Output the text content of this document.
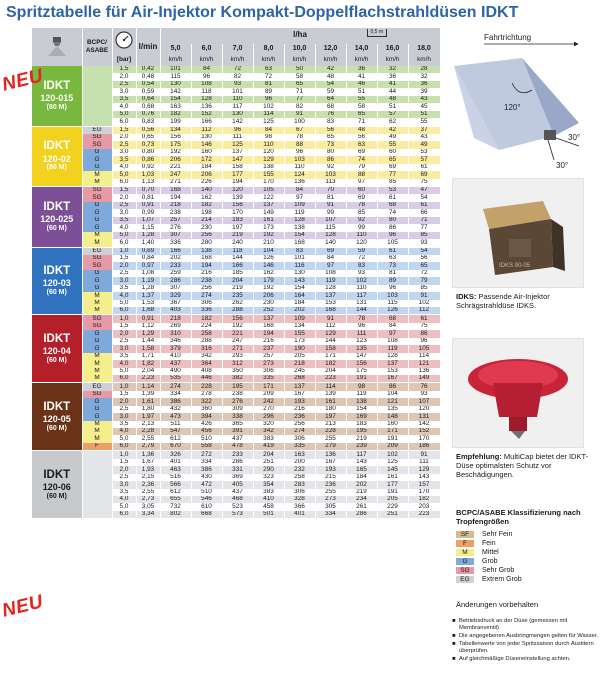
Spritztabelle für Air-Injektor Kompakt-Doppelflachstrahldüsen IDKT
	BCPC/ ASABE		l/min	l/ha 0,5 m								

				5,0	6,0	7,0	8,0	10,0	12,0	14,0	16,0	18,0
		[bar]		km/h	km/h	km/h	km/h	km/h	km/h	km/h	km/h	km/h

IDKT
120-015
(80 M)		1,5	0,42	101	84	72	63	50	42	36	32	28
		2,0	0,48	115	96	82	72	58	48	41	36	32
		2,5	0,54	130	108	93	81	65	54	46	41	36
		3,0	0,59	142	118	101	89	71	59	51	44	39
		3,5	0,64	154	128	110	96	77	64	55	48	43
		4,0	0,68	163	136	117	102	82	68	58	51	45
		5,0	0,76	182	152	130	114	91	76	65	57	51
		6,0	0,83	199	166	142	125	100	83	71	62	55

IDKT
120-02
(80 M)	EG	1,5	0,56	134	112	96	84	67	56	48	42	37
	SG	2,0	0,65	156	130	111	98	78	65	56	49	43
	SG	2,5	0,73	175	146	125	110	88	73	63	55	49
	G	3,0	0,80	192	160	137	120	96	80	69	60	53
	G	3,5	0,86	206	172	147	129	103	86	74	65	57
	G	4,0	0,92	221	184	158	138	110	92	79	69	61
	M	5,0	1,03	247	206	177	155	124	103	88	77	69
	M	6,0	1,13	271	226	194	170	136	113	97	85	75

IDKT
120-025
(60 M)	SG	1,5	0,70	168	140	120	105	84	70	60	53	47
	SG	2,0	0,81	194	162	139	122	97	81	69	61	54
	G	2,5	0,91	218	182	156	137	109	91	78	68	61
	G	3,0	0,99	238	198	170	149	119	99	85	74	66
	G	3,5	1,07	257	214	183	161	128	107	92	80	71
	G	4,0	1,15	276	230	197	173	138	115	99	86	77
	M	5,0	1,28	307	256	219	192	154	128	110	96	85
	M	6,0	1,40	336	280	240	210	168	140	120	105	93

IDKT
120-03
(60 M)	EG	1,0	0,69	166	138	118	104	83	69	59	61	54
	SG	1,5	0,84	202	168	144	126	101	84	72	63	56
	SG	2,0	0,97	233	194	166	146	116	97	83	73	65
	G	2,5	1,08	259	216	185	162	130	108	93	81	72
	G	3,0	1,19	286	238	204	179	143	119	102	89	79
	G	3,5	1,28	307	256	219	192	154	128	110	96	85
	M	4,0	1,37	329	274	235	206	164	137	117	103	91
	M	5,0	1,53	367	306	262	230	184	153	131	115	102
	M	6,0	1,68	403	336	288	252	202	168	144	126	112

IDKT
120-04
(60 M)	SG	1,0	0,91	218	182	156	137	109	91	78	68	61
	SG	1,5	1,12	269	224	192	168	134	112	96	84	75
	G	2,0	1,29	310	258	221	194	155	129	111	97	86
	G	2,5	1,44	346	288	247	216	173	144	123	108	96
	G	3,0	1,58	379	316	271	237	190	158	135	119	105
	M	3,5	1,71	410	342	293	257	205	171	147	128	114
	M	4,0	1,82	437	364	312	273	218	182	156	137	121
	M	5,0	2,04	490	408	350	306	245	204	175	153	136
	M	6,0	2,23	535	446	382	335	268	223	191	167	149

IDKT
120-05
(60 M)	EG	1,0	1,14	274	228	195	171	137	114	98	86	76
	SG	1,5	1,39	334	278	238	209	167	139	119	104	93
	G	2,0	1,61	386	322	276	242	193	161	138	121	107
	G	2,5	1,80	432	360	309	270	216	180	154	135	120
	G	3,0	1,97	473	394	338	296	236	197	169	148	131
	M	3,5	2,13	511	426	365	320	256	213	183	160	142
	M	4,0	2,28	547	456	391	342	274	228	195	171	152
	M	5,0	2,55	612	510	437	383	306	255	219	191	170
	F	6,0	2,79	670	558	478	419	335	279	239	209	186

IDKT
120-06
(60 M)		1,0	1,36	326	272	233	204	163	136	117	102	91
		1,5	1,67	401	334	286	251	200	167	143	125	111
		2,0	1,93	463	386	331	290	232	193	165	145	129
		2,5	2,15	516	430	369	323	258	215	184	161	143
		3,0	2,36	566	472	405	354	283	236	202	177	157
		3,5	2,55	612	510	437	383	306	255	219	191	170
		4,0	2,73	655	546	468	410	328	273	234	205	182
		5,0	3,05	732	610	523	458	366	305	261	229	203
		6,0	3,34	802	668	573	501	401	334	286	251	223
NEU
NEU
Fahrtrichtung
120°
30°
30°
IDKS 90-05
IDKS: Passende Air-Injektor Schrägstrahldüse IDKS.
Empfehlung: MultiCap bietet der IDKT-Düse optimalsten Schutz vor Beschädigungen.
BCPC/ASABE Klassifizierung nach Tropfengrößen
SF	Sehr Fein
F	Fein
M	Mittel
G	Grob
SG	Sehr Grob
EG	Extrem Grob
Änderungen vorbehalten
■ Betriebsdruck an der Düse (gemessen mit Membranventil)
■ Die angegebenen Ausbringmengen gelten für Wasser.
■ Tabellenwerte von jeder Spritzsaison durch Austitern überprüfen.
■ Auf gleichmäßige Düseneinstellung achten.
